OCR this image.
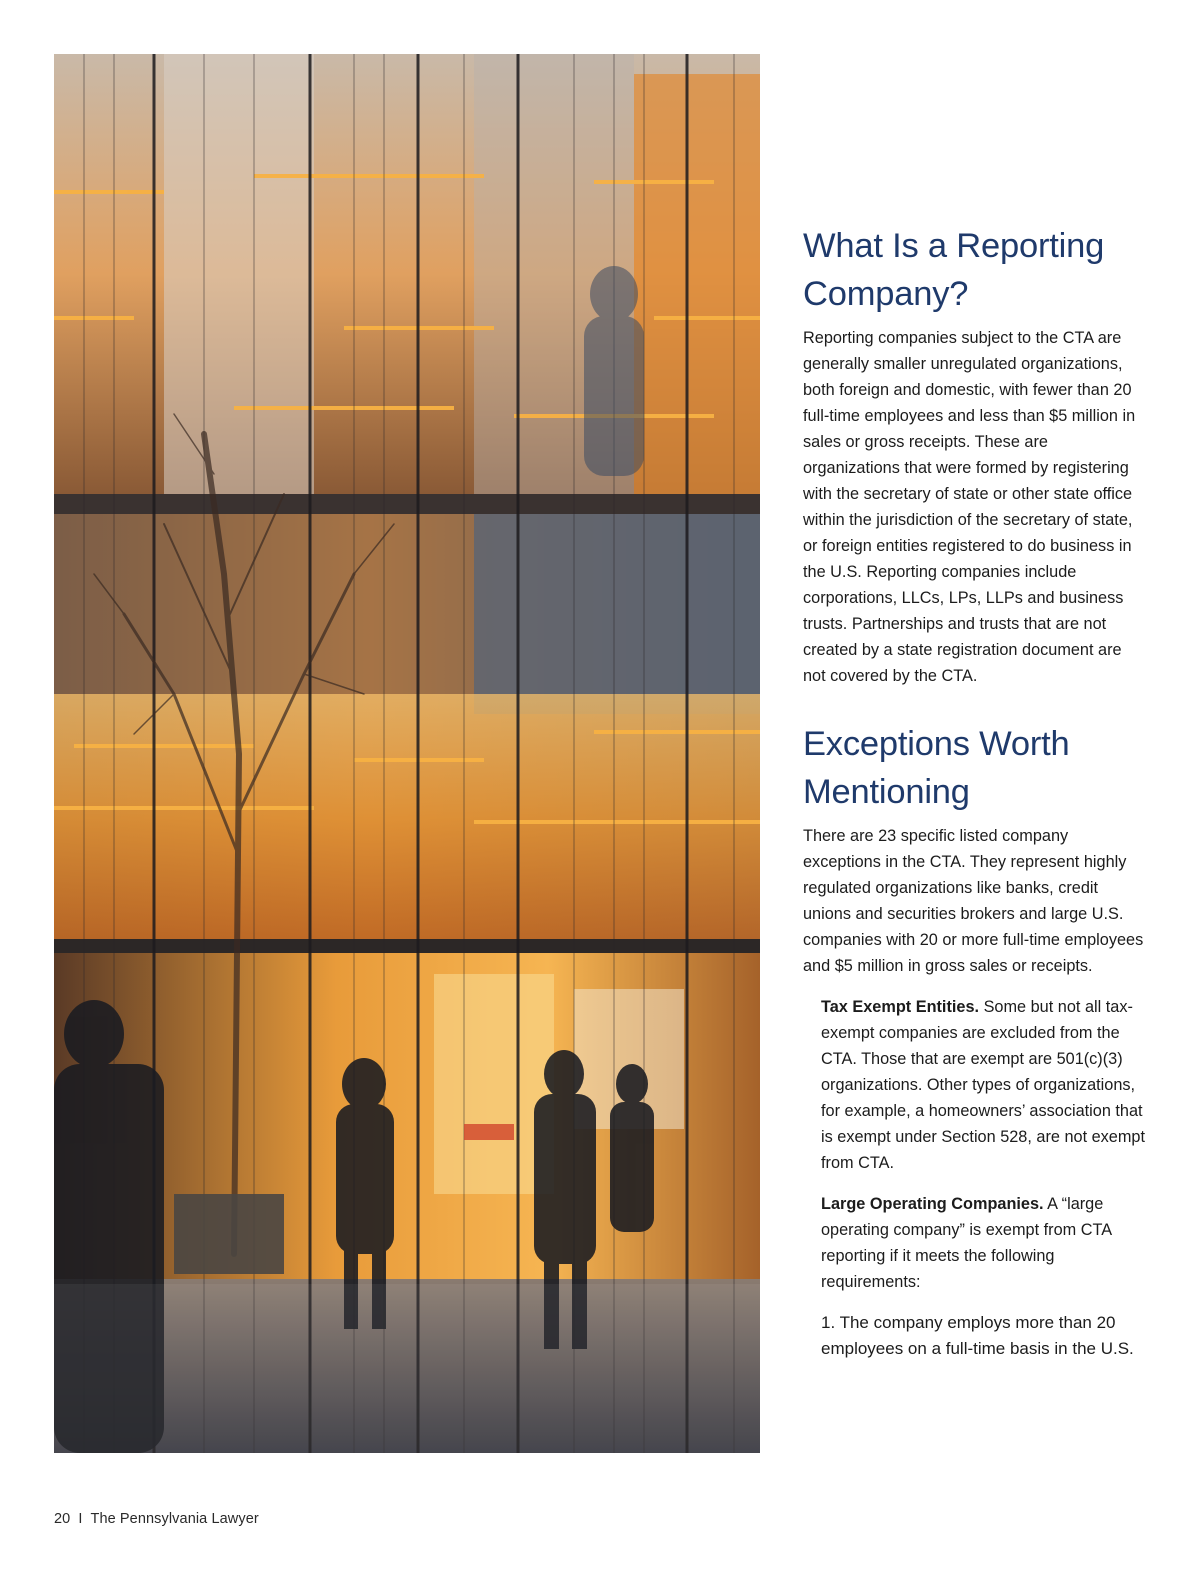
What Is a Reporting Company?

Reporting companies subject to the CTA are generally smaller unregulated organizations, both foreign and domestic, with fewer than 20 full-time employees and less than $5 million in sales or gross receipts. These are organizations that were formed by registering with the secretary of state or other state office within the jurisdiction of the secretary of state, or foreign entities registered to do business in the U.S. Reporting companies include corporations, LLCs, LPs, LLPs and business trusts. Partnerships and trusts that are not created by a state registration document are not covered by the CTA.

Exceptions Worth Mentioning

There are 23 specific listed company exceptions in the CTA. They represent highly regulated organizations like banks, credit unions and securities brokers and large U.S. companies with 20 or more full-time employees and $5 million in gross sales or receipts.

Tax Exempt Entities. Some but not all tax-exempt companies are excluded from the CTA. Those that are exempt are 501(c)(3) organizations. Other types of organizations, for example, a homeowners’ association that is exempt under Section 528, are not exempt from CTA.

Large Operating Companies. A “large operating company” is exempt from CTA reporting if it meets the following requirements:

1. The company employs more than 20 employees on a full-time basis in the U.S.

20 I The Pennsylvania Lawyer
